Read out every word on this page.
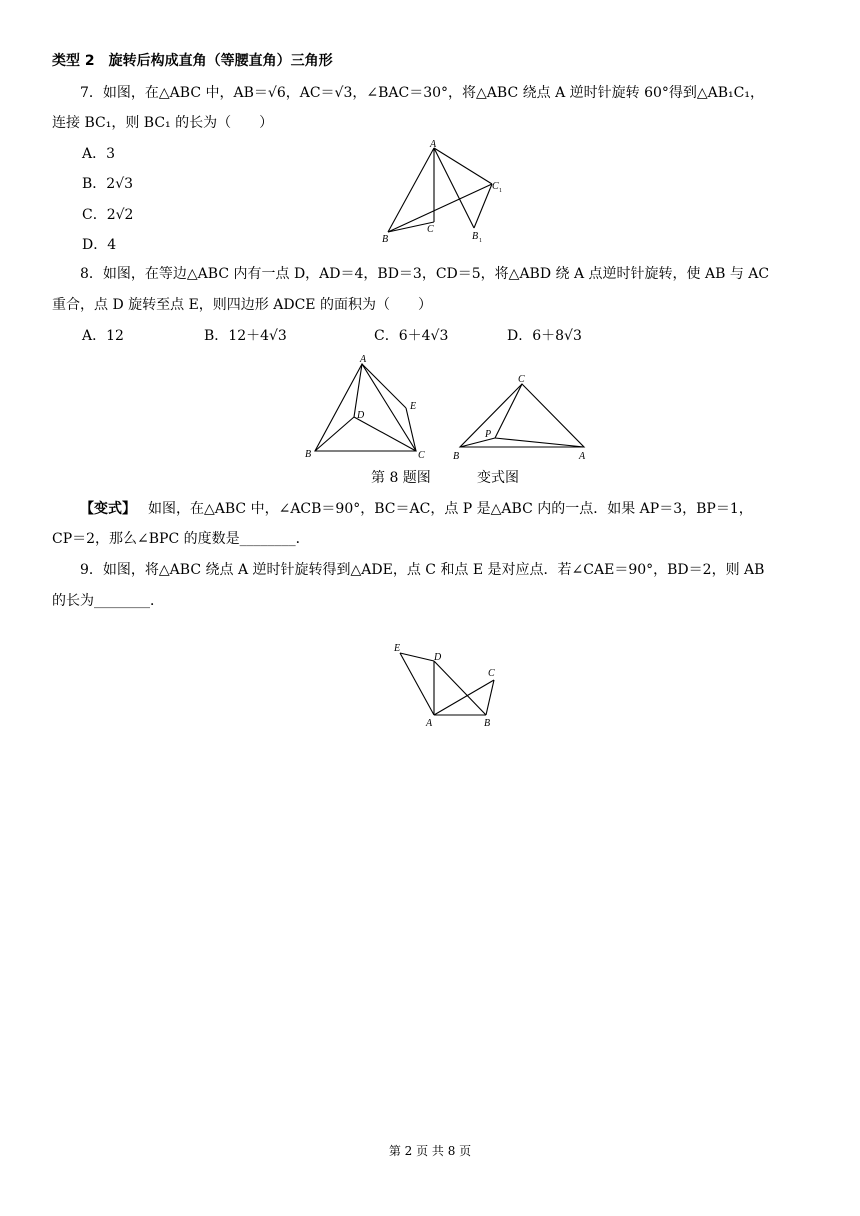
类型 2　旋转后构成直角（等腰直角）三角形
7．如图，在△ABC 中，AB＝√6，AC＝√3，∠BAC＝30°，将△ABC 绕点 A 逆时针旋转 60°得到△AB₁C₁，
连接 BC₁，则 BC₁ 的长为（　　）
A．3
B．2√3
C．2√2
D．4
A
B
C
B 1
C 1
8．如图，在等边△ABC 内有一点 D，AD＝4，BD＝3，CD＝5，将△ABD 绕 A 点逆时针旋转，使 AB 与 AC
重合，点 D 旋转至点 E，则四边形 ADCE 的面积为（　　）
A．12	B．12＋4√3	C．6＋4√3	D．6＋8√3
A
B	C
D
E
C
B	A
P
第 8 题图	变式图
【变式】 如图，在△ABC 中，∠ACB＝90°，BC＝AC，点 P 是△ABC 内的一点．如果 AP＝3，BP＝1，
CP＝2，那么∠BPC 的度数是________．
9．如图，将△ABC 绕点 A 逆时针旋转得到△ADE，点 C 和点 E 是对应点．若∠CAE＝90°，BD＝2，则 AB
的长为________．
E
D
C
A	B
第 2 页 共 8 页
